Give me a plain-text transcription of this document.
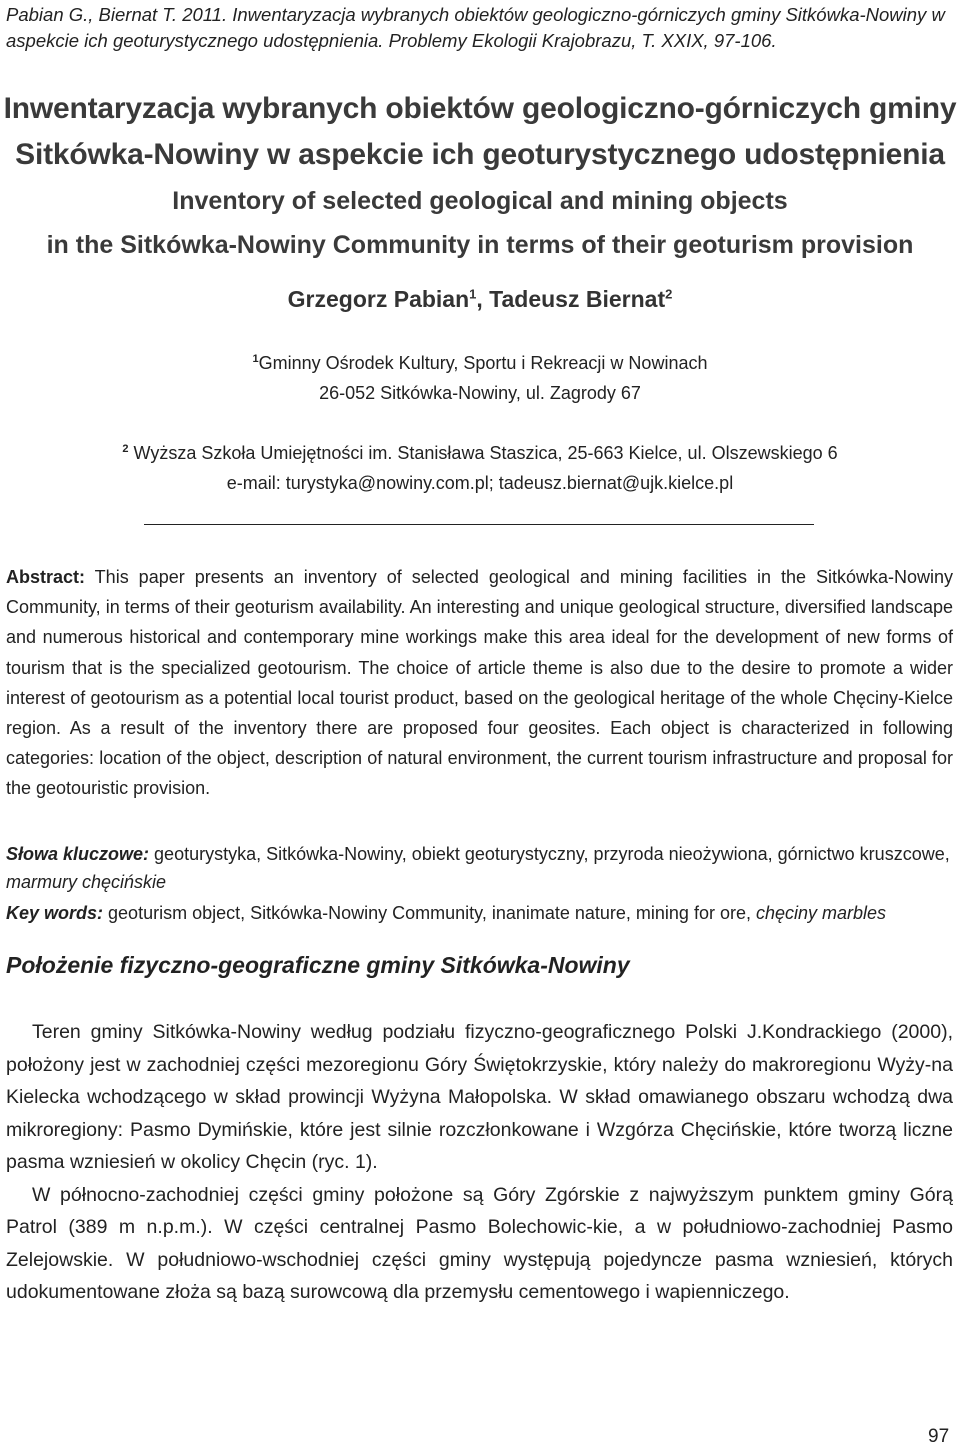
Pabian G., Biernat T. 2011. Inwentaryzacja wybranych obiektów geologiczno-górniczych gminy Sitkówka-Nowiny w aspekcie ich geoturystycznego udostępnienia. Problemy Ekologii Krajobrazu, T. XXIX, 97-106.
Inwentaryzacja wybranych obiektów geologiczno-górniczych gminy
Sitkówka-Nowiny w aspekcie ich geoturystycznego udostępnienia
Inventory of selected geological and mining objects
in the Sitkówka-Nowiny Community in terms of their geoturism provision
Grzegorz Pabian$^1$, Tadeusz Biernat$^2$
$^1$Gminny Ośrodek Kultury, Sportu i Rekreacji w Nowinach
26-052 Sitkówka-Nowiny, ul. Zagrody 67
$^2$ Wyższa Szkoła Umiejętności im. Stanisława Staszica, 25-663 Kielce, ul. Olszewskiego 6
e-mail: turystyka@nowiny.com.pl; tadeusz.biernat@ujk.kielce.pl
Abstract: This paper presents an inventory of selected geological and mining facilities in the Sitkówka-Nowiny Community, in terms of their geoturism availability. An interesting and unique geological structure, diversified landscape and numerous historical and contemporary mine workings make this area ideal for the development of new forms of tourism that is the specialized geotourism. The choice of article theme is also due to the desire to promote a wider interest of geotourism as a potential local tourist product, based on the geological heritage of the whole Chęciny-Kielce region. As a result of the inventory there are proposed four geosites. Each object is characterized in following categories: location of the object, description of natural environment, the current tourism infrastructure and proposal for the geotouristic provision.
Słowa kluczowe: geoturystyka, Sitkówka-Nowiny, obiekt geoturystyczny, przyroda nieożywiona, górnictwo kruszcowe, marmury chęcińskie
Key words: geoturism object, Sitkówka-Nowiny Community, inanimate nature, mining for ore, chęciny marbles
Położenie fizyczno-geograficzne gminy Sitkówka-Nowiny

Teren gminy Sitkówka-Nowiny według podziału fizyczno-geograficznego Polski J.Kondrackiego (2000), położony jest w zachodniej części mezoregionu Góry Świętokrzyskie, który należy do makroregionu Wyży-na Kielecka wchodzącego w skład prowincji Wyżyna Małopolska. W skład omawianego obszaru wchodzą dwa mikroregiony: Pasmo Dymińskie, które jest silnie rozczłonkowane i Wzgórza Chęcińskie, które tworzą liczne pasma wzniesień w okolicy Chęcin (ryc. 1).

W północno-zachodniej części gminy położone są Góry Zgórskie z najwyższym punktem gminy Górą Patrol (389 m n.p.m.). W części centralnej Pasmo Bolechowic-kie, a w południowo-zachodniej Pasmo Zelejowskie. W południowo-wschodniej części gminy występują pojedyncze pasma wzniesień, których udokumentowane złoża są bazą surowcową dla przemysłu cementowego i wapienniczego.

97
